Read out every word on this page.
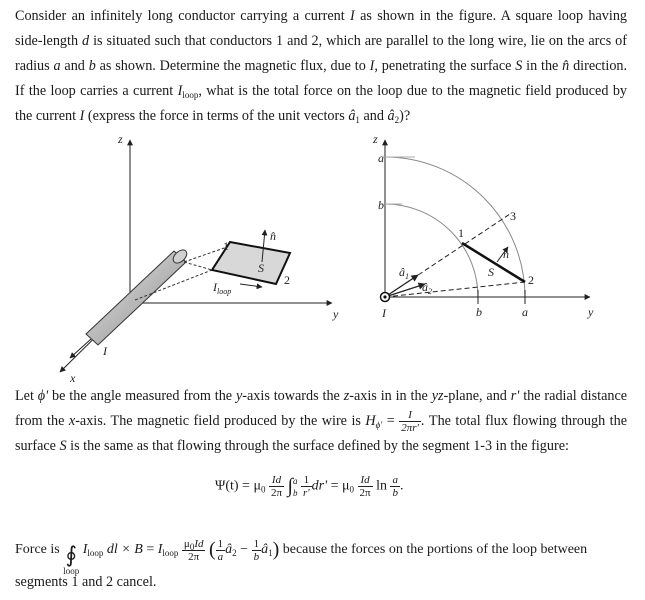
Consider an infinitely long conductor carrying a current I as shown in the figure. A square loop having side-length d is situated such that conductors 1 and 2, which are parallel to the long wire, lie on the arcs of radius a and b as shown. Determine the magnetic flux, due to I, penetrating the surface S in the n̂ direction. If the loop carries a current $I_{loop}$, what is the total force on the loop due to the magnetic field produced by the current I (express the force in terms of the unit vectors $â_1$ and $â_2$)?
n̂
S
1
2
$I_{loop}$
z
y
x
I
z
a
b
1
3
2
S
n̂
$â_1$
$â_2$
I	b	a	y
Let ϕ' be the angle measured from the y-axis towards the z-axis in in the yz-plane, and r' the radial distance from the x-axis. The magnetic field produced by the wire is $H_{\phi'} = \frac{I}{2\pi r'}$ . The total flux flowing through the surface S is the same as that flowing through the surface defined by the segment 1-3 in the figure:
$\Psi(t) = \mu_0 \frac{Id}{2\pi}$ ∫ a
b
$\frac{1}{r'} dr' = \mu_0 \frac{Id}{2\pi}$ $\ln \frac{a}{b}$ .
Force is ∮
loop
$I_{loop}$ dl × $B = I_{loop} \frac{\mu_0Id}{2\pi}$ ( $\frac{1}{a}$ $â_2 - \frac{1}{b}$ $â_1$) because the forces on the portions of the loop between
segments 1 and 2 cancel.
